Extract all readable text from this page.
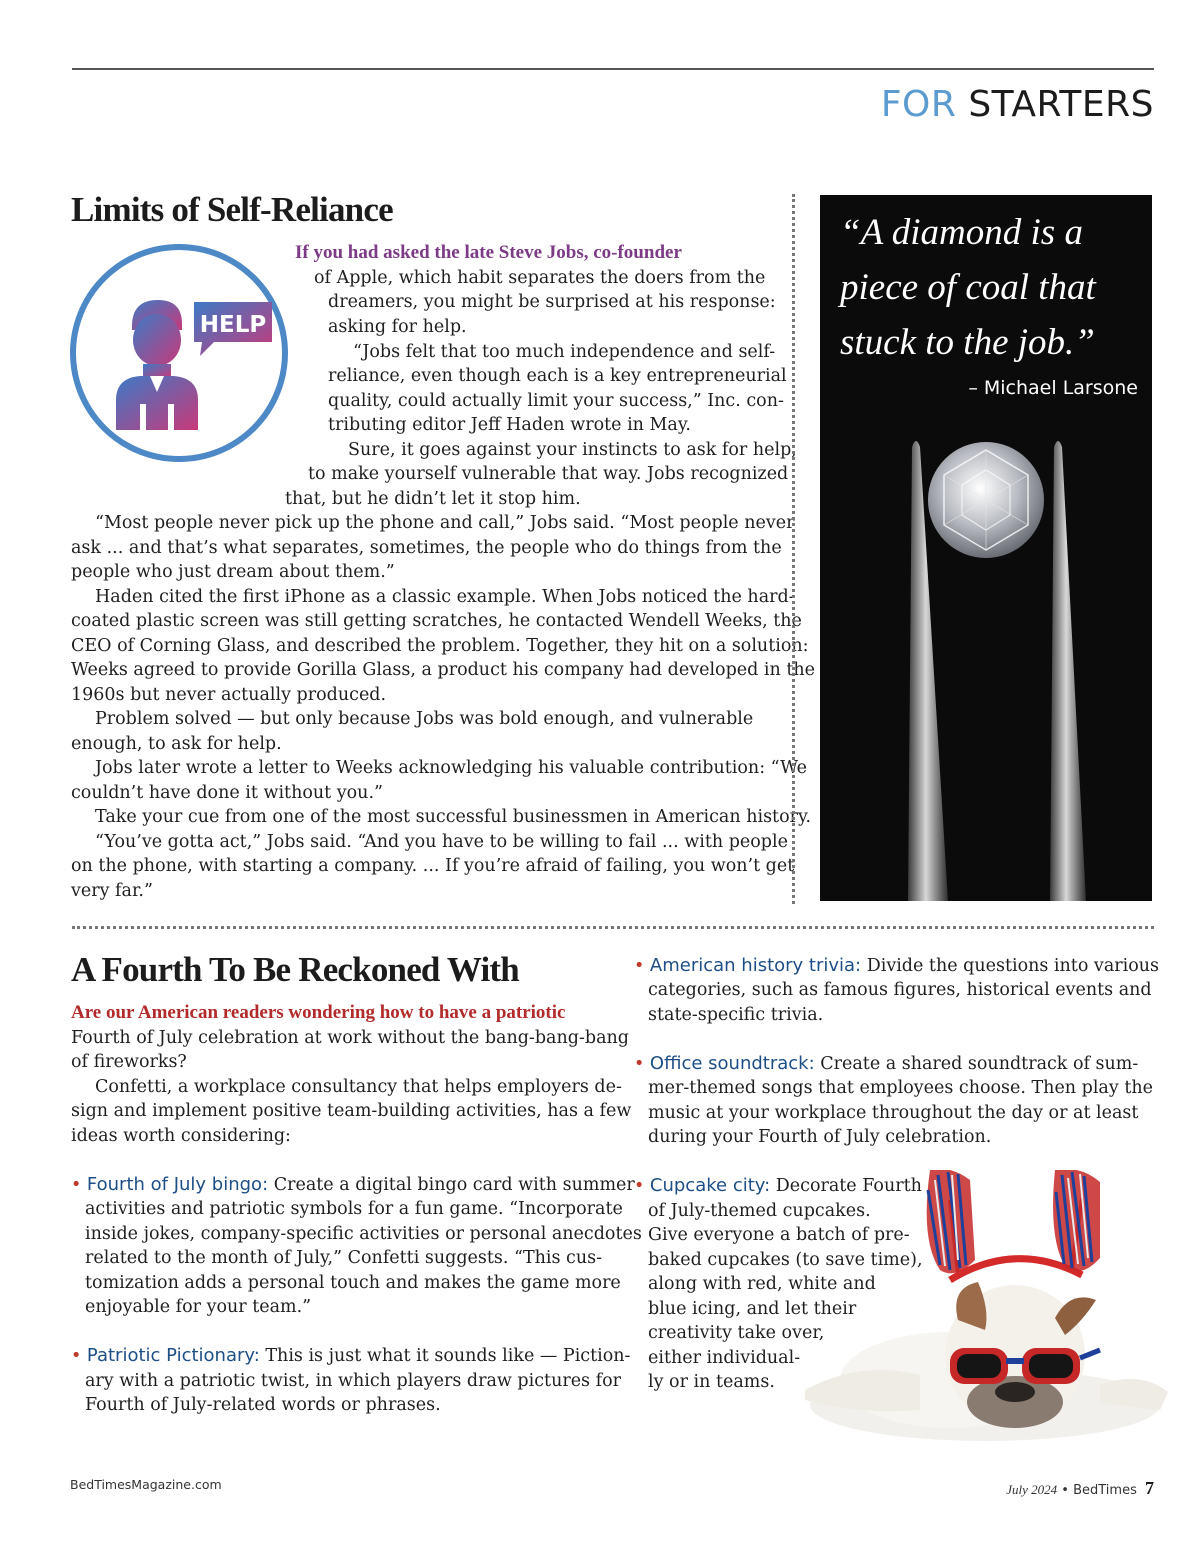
FOR STARTERS
Limits of Self-Reliance
HELP
If you had asked the late Steve Jobs, co-founder
of Apple, which habit separates the doers from the
dreamers, you might be surprised at his response:
asking for help.
“Jobs felt that too much independence and self-
reliance, even though each is a key entrepreneurial
quality, could actually limit your success,” Inc. con-
tributing editor Jeff Haden wrote in May.
Sure, it goes against your instincts to ask for help,
to make yourself vulnerable that way. Jobs recognized
that, but he didn’t let it stop him.
“Most people never pick up the phone and call,” Jobs said. “Most people never
ask ... and that’s what separates, sometimes, the people who do things from the
people who just dream about them.”
Haden cited the first iPhone as a classic example. When Jobs noticed the hard-
coated plastic screen was still getting scratches, he contacted Wendell Weeks, the
CEO of Corning Glass, and described the problem. Together, they hit on a solution:
Weeks agreed to provide Gorilla Glass, a product his company had developed in the
1960s but never actually produced.
Problem solved — but only because Jobs was bold enough, and vulnerable
enough, to ask for help.
Jobs later wrote a letter to Weeks acknowledging his valuable contribution: “We
couldn’t have done it without you.”
Take your cue from one of the most successful businessmen in American history.
“You’ve gotta act,” Jobs said. “And you have to be willing to fail ... with people
on the phone, with starting a company. ... If you’re afraid of failing, you won’t get
very far.”
“A diamond is a piece of coal that stuck to the job.”
– Michael Larsone
A Fourth To Be Reckoned With
Are our American readers wondering how to have a patriotic
Fourth of July celebration at work without the bang-bang-bang
of fireworks?
Confetti, a workplace consultancy that helps employers de-
sign and implement positive team-building activities, has a few
ideas worth considering:
• Fourth of July bingo: Create a digital bingo card with summer
activities and patriotic symbols for a fun game. “Incorporate
inside jokes, company-specific activities or personal anecdotes
related to the month of July,” Confetti suggests. “This cus-
tomization adds a personal touch and makes the game more
enjoyable for your team.”
• Patriotic Pictionary: This is just what it sounds like — Piction-
ary with a patriotic twist, in which players draw pictures for
Fourth of July-related words or phrases.
• American history trivia: Divide the questions into various
categories, such as famous figures, historical events and
state-specific trivia.
• Office soundtrack: Create a shared soundtrack of sum-
mer-themed songs that employees choose. Then play the
music at your workplace throughout the day or at least
during your Fourth of July celebration.
• Cupcake city: Decorate Fourth
of July-themed cupcakes.
Give everyone a batch of pre-
baked cupcakes (to save time),
along with red, white and
blue icing, and let their
creativity take over,
either individual-
ly or in teams.
BedTimesMagazine.com	July 2024 • BedTimes 7
